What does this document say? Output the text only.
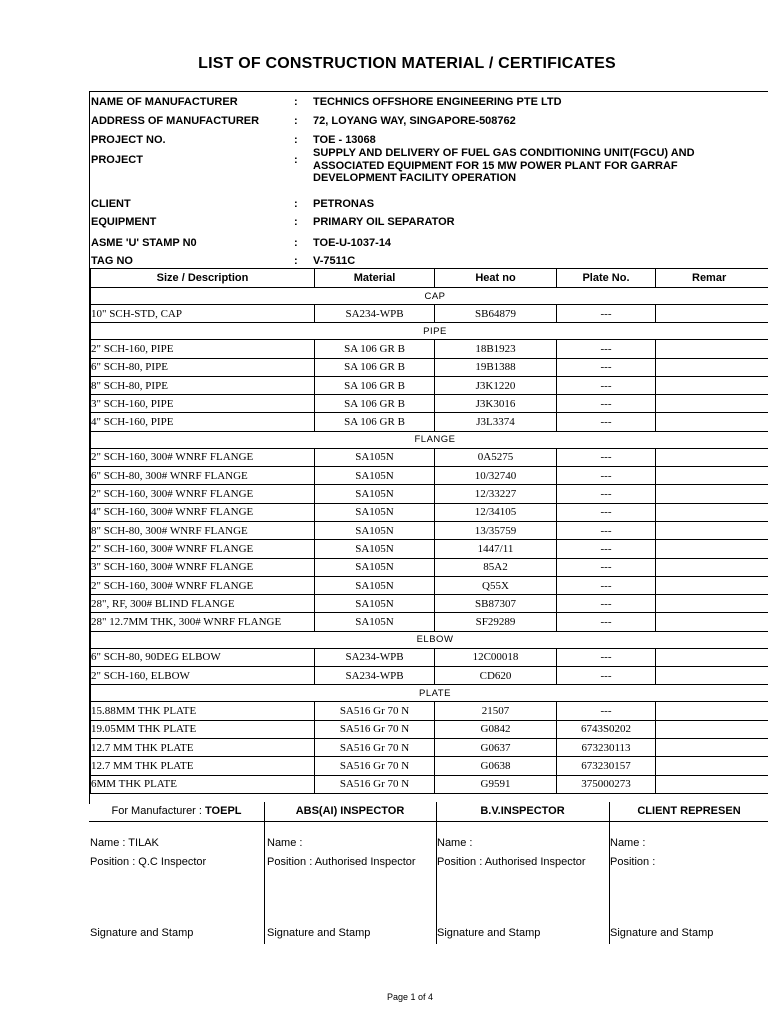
LIST OF CONSTRUCTION MATERIAL / CERTIFICATES
NAME OF MANUFACTURER	: TECHNICS OFFSHORE ENGINEERING PTE LTD
ADDRESS OF MANUFACTURER	: 72, LOYANG WAY, SINGAPORE-508762
PROJECT NO.	: TOE - 13068
PROJECT	:
SUPPLY AND DELIVERY OF FUEL GAS CONDITIONING UNIT(FGCU) AND ASSOCIATED EQUIPMENT FOR 15 MW POWER PLANT FOR GARRAF DEVELOPMENT FACILITY OPERATION
CLIENT	: PETRONAS
EQUIPMENT	: PRIMARY OIL SEPARATOR
ASME 'U' STAMP N0	: TOE-U-1037-14
TAG NO	: V-7511C
Size / Description	Material	Heat no	Plate No.	Remar
CAP				
10" SCH-STD, CAP	SA234-WPB	SB64879	---	
PIPE				
2" SCH-160, PIPE	SA 106 GR B	18B1923	---	
6" SCH-80, PIPE	SA 106 GR B	19B1388	---	
8" SCH-80, PIPE	SA 106 GR B	J3K1220	---	
3" SCH-160, PIPE	SA 106 GR B	J3K3016	---	
4" SCH-160, PIPE	SA 106 GR B	J3L3374	---	
FLANGE				
2" SCH-160, 300# WNRF FLANGE	SA105N	0A5275	---	
6" SCH-80, 300# WNRF FLANGE	SA105N	10/32740	---	
2" SCH-160, 300# WNRF FLANGE	SA105N	12/33227	---	
4" SCH-160, 300# WNRF FLANGE	SA105N	12/34105	---	
8" SCH-80, 300# WNRF FLANGE	SA105N	13/35759	---	
2" SCH-160, 300# WNRF FLANGE	SA105N	1447/11	---	
3" SCH-160, 300# WNRF FLANGE	SA105N	85A2	---	
2" SCH-160, 300# WNRF FLANGE	SA105N	Q55X	---	
28", RF, 300# BLIND FLANGE	SA105N	SB87307	---	
28" 12.7MM THK, 300# WNRF FLANGE	SA105N	SF29289	---	
ELBOW				
6" SCH-80, 90DEG ELBOW	SA234-WPB	12C00018	---	
2" SCH-160, ELBOW	SA234-WPB	CD620	---	
PLATE				
15.88MM THK PLATE	SA516 Gr 70 N	21507	---	
19.05MM THK PLATE	SA516 Gr 70 N	G0842	6743S0202	
12.7 MM THK PLATE	SA516 Gr 70 N	G0637	673230113	
12.7 MM THK PLATE	SA516 Gr 70 N	G0638	673230157	
6MM THK PLATE	SA516 Gr 70 N	G9591	375000273	
For Manufacturer : TOEPL	ABS(AI) INSPECTOR	B.V.INSPECTOR	CLIENT REPRESEN
Name : TILAK
Position : Q.C Inspector
Signature and Stamp
Name :
Position : Authorised Inspector
Signature and Stamp
Name :
Position : Authorised Inspector
Signature and Stamp
Name :
Position :
Signature and Stamp
Page 1 of 4
